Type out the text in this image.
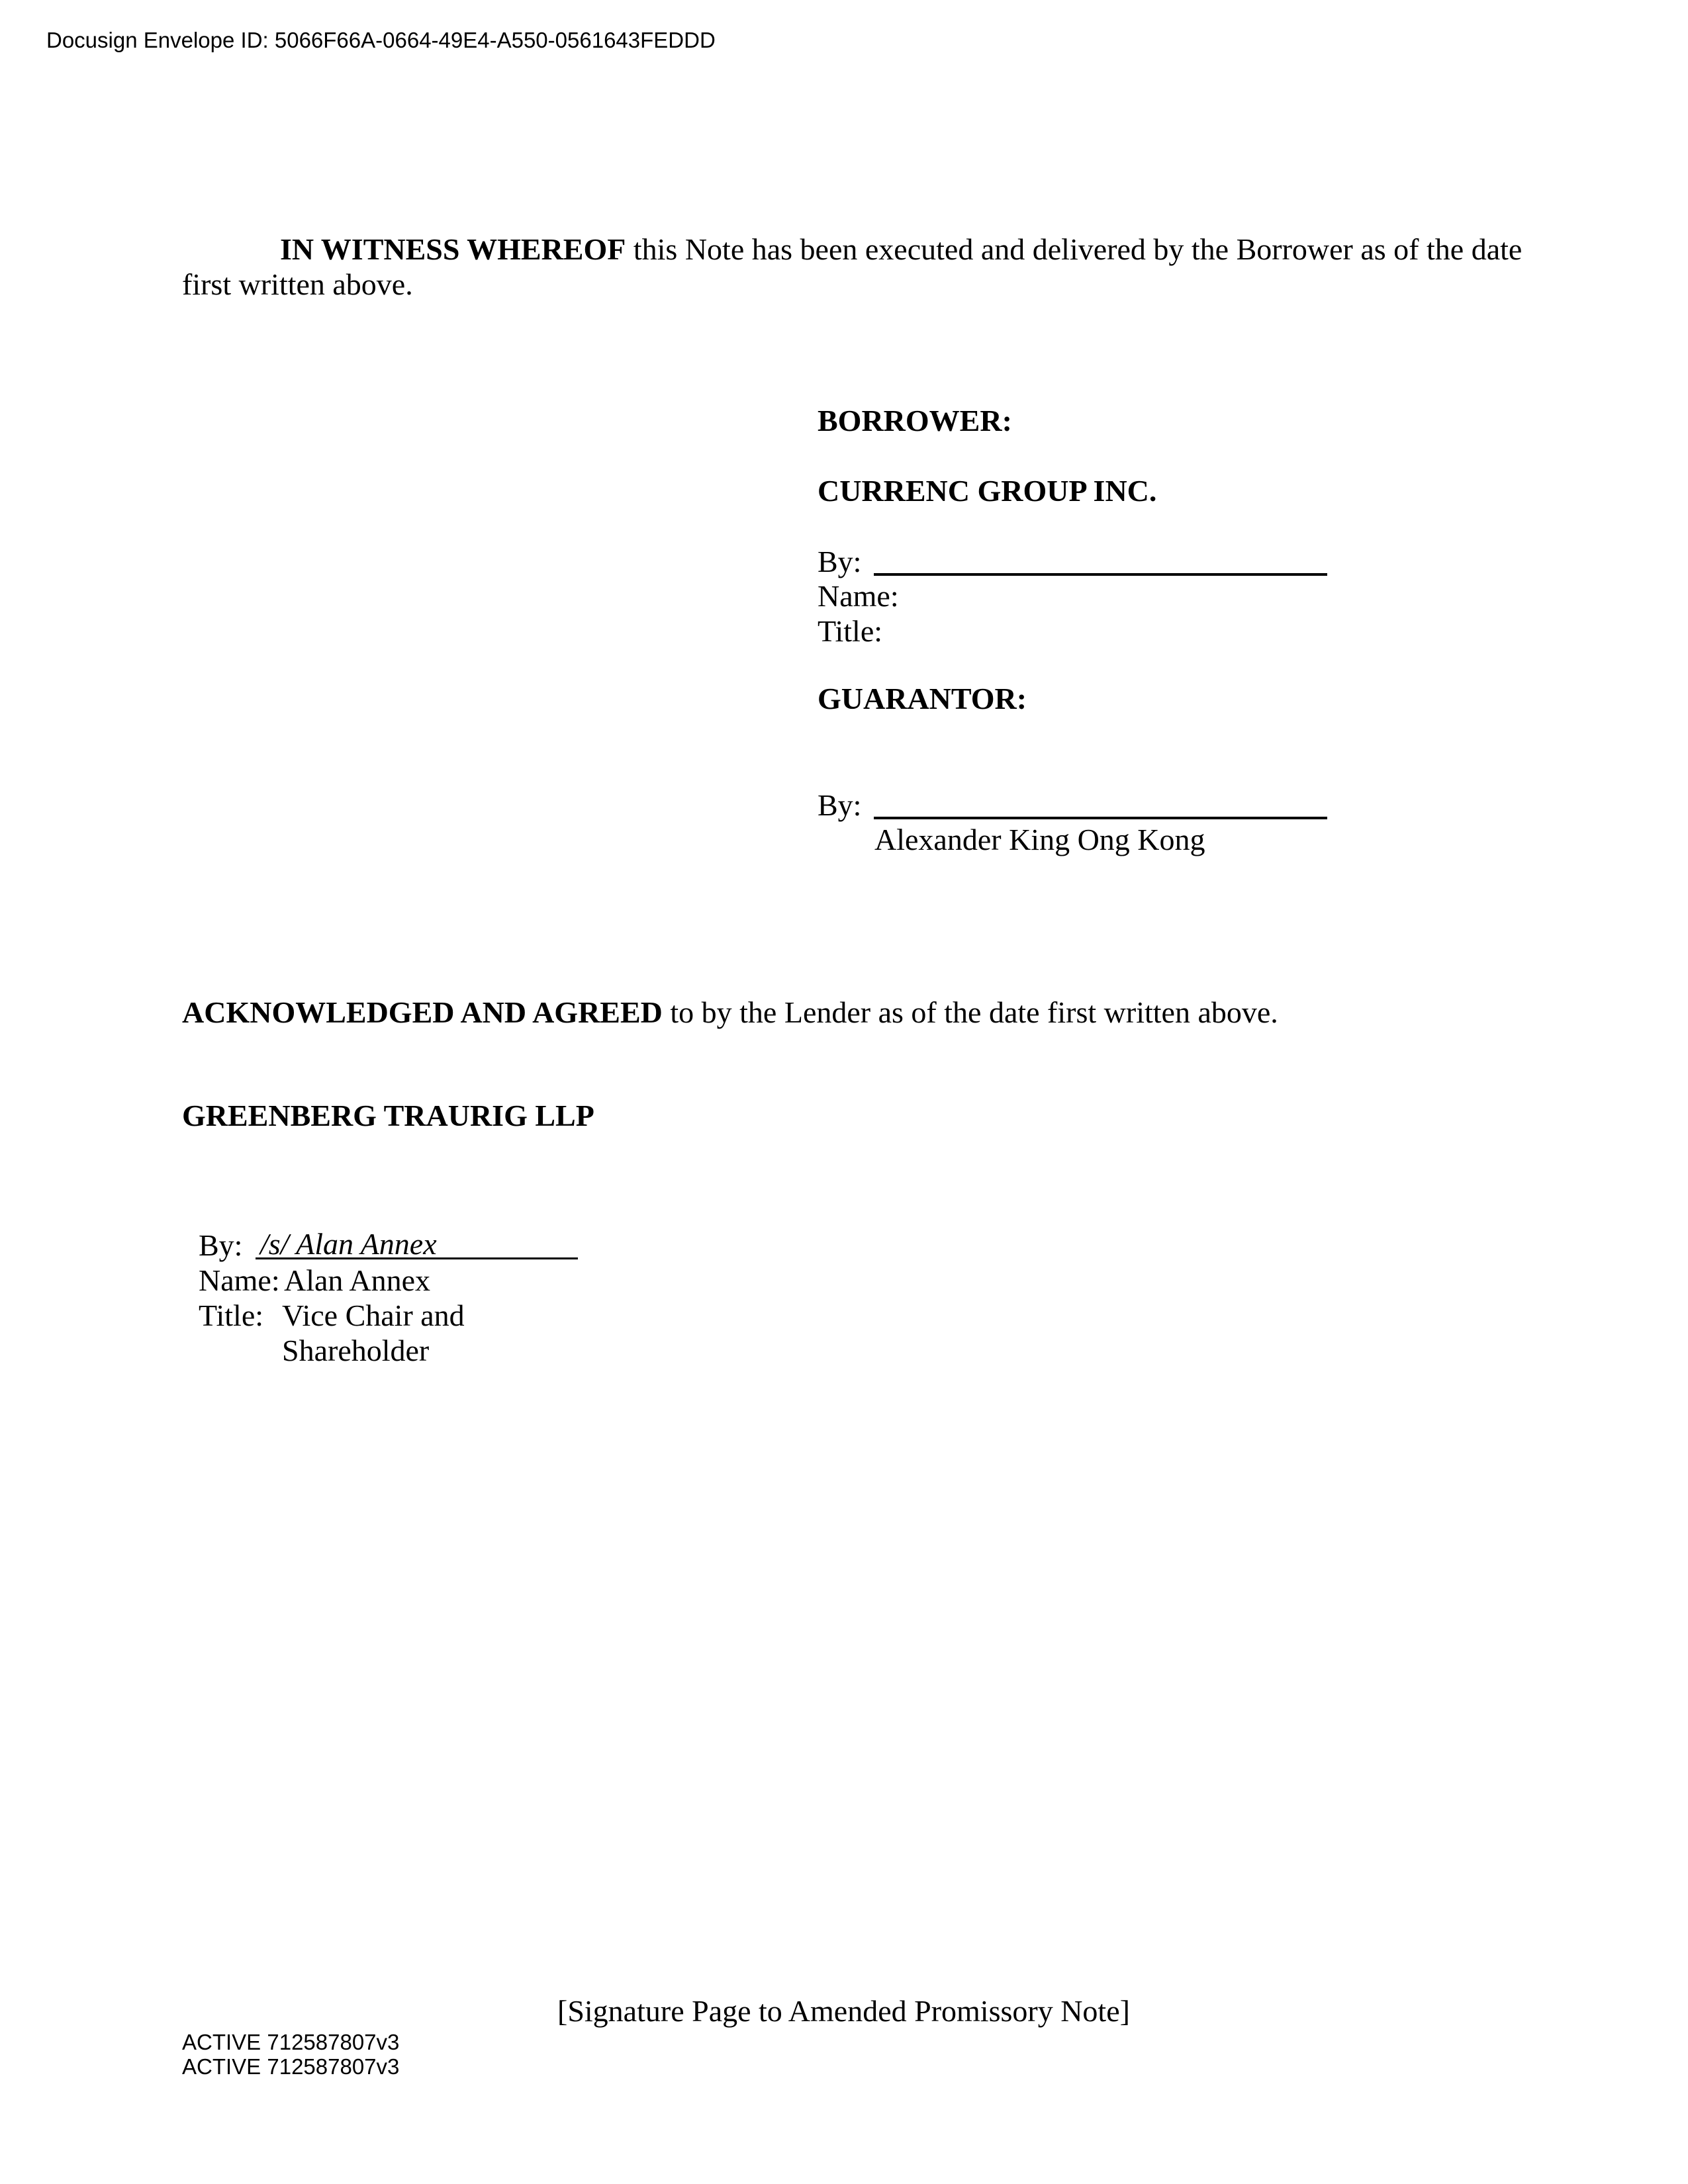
Docusign Envelope ID: 5066F66A-0664-49E4-A550-0561643FEDDD
IN WITNESS WHEREOF this Note has been executed and delivered by the Borrower as of the date
first written above.
BORROWER:
CURRENC GROUP INC.
By:
Name:
Title:
GUARANTOR:
By:
Alexander King Ong Kong
ACKNOWLEDGED AND AGREED to by the Lender as of the date first written above.
GREENBERG TRAURIG LLP
By: /s/ Alan Annex
Name: Alan Annex
Title: Vice Chair and
Shareholder
[Signature Page to Amended Promissory Note]
ACTIVE 712587807v3
ACTIVE 712587807v3
